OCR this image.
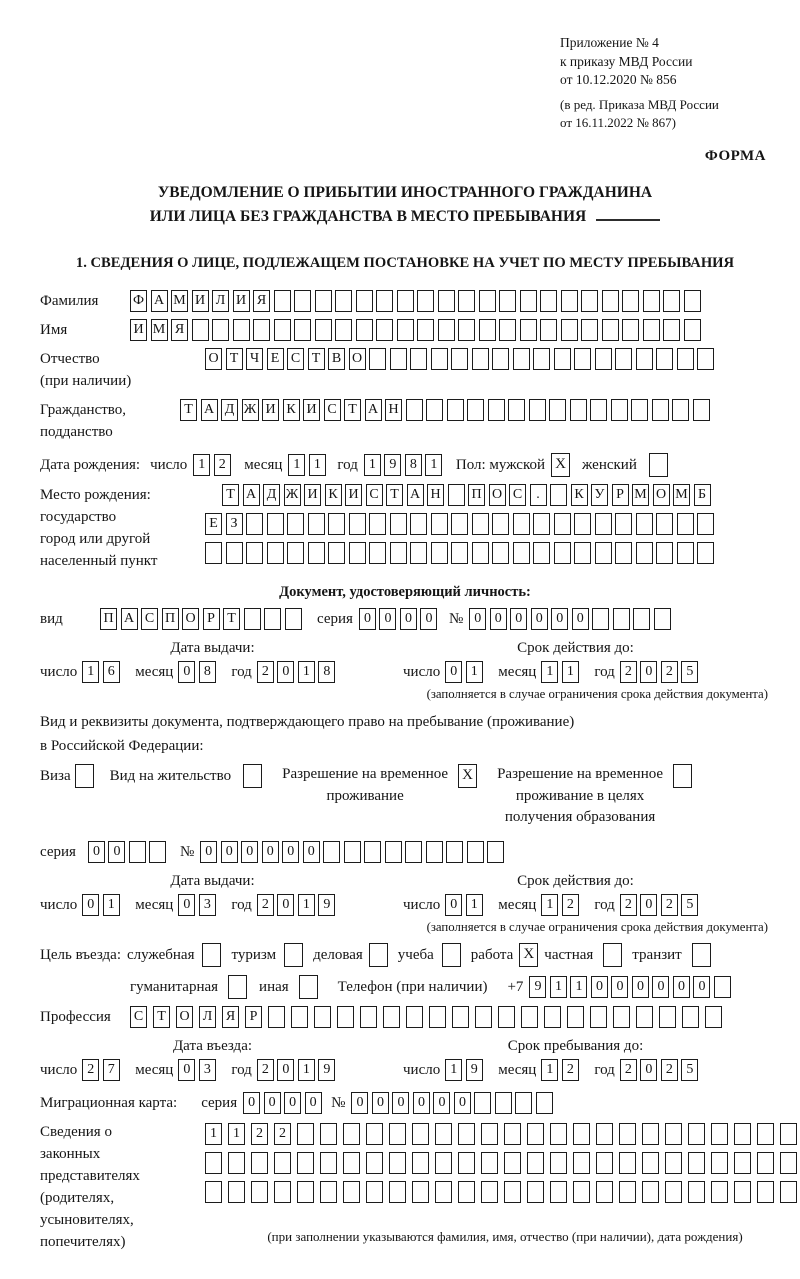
Приложение № 4
к приказу МВД России
от 10.12.2020 № 856
(в ред. Приказа МВД России
от 16.11.2022 № 867)
ФОРМА
УВЕДОМЛЕНИЕ О ПРИБЫТИИ ИНОСТРАННОГО ГРАЖДАНИНА
ИЛИ ЛИЦА БЕЗ ГРАЖДАНСТВА В МЕСТО ПРЕБЫВАНИЯ
1. СВЕДЕНИЯ О ЛИЦЕ, ПОДЛЕЖАЩЕМ ПОСТАНОВКЕ НА УЧЕТ ПО МЕСТУ ПРЕБЫВАНИЯ
Фамилия	Ф А М И Л И Я
Имя	И М Я
Отчество
(при наличии)
О Т Ч Е С Т В О
Гражданство,
подданство
Т А Д Ж И К И С Т А Н
Дата рождения: число 1 2	месяц 1 1	год 1 9 8 1	Пол: мужской X женский
Место рождения:
государство
город или другой
населенный пункт
Т А Д Ж И К И С Т А Н П О С	.	К У Р М О М Б
Е З
Документ, удостоверяющий личность:
вид	П А С П О Р Т	серия 0 0 0 0	№ 0 0 0 0 0 0
Дата выдачи:	Срок действия до:
число 1 6	месяц 0 8	год 2 0 1 8	число 0 1	месяц 1 1	год 2 0 2 5
(заполняется в случае ограничения срока действия документа)
Вид и реквизиты документа, подтверждающего право на пребывание (проживание)
в Российской Федерации:
Виза	Вид на жительство	Разрешение на временное
проживание
X Разрешение на временное
проживание в целях
получения образования
серия	0 0	№ 0 0 0 0 0 0
Дата выдачи:	Срок действия до:
число 0 1	месяц 0 3	год 2 0 1 9	число 0 1	месяц 1 2	год 2 0 2 5
(заполняется в случае ограничения срока действия документа)
Цель въезда: служебная туризм деловая учеба работа X частная	транзит
гуманитарная	иная	Телефон (при наличии) +7 9 1 1 0 0 0 0 0 0
Профессия	С	Т О Л Я	Р
Дата въезда:	Срок пребывания до:
число 2 7	месяц 0 3	год 2 0 1 9	число 1 9	месяц 1 2	год 2 0 2 5
Миграционная карта: серия 0 0 0 0 № 0 0 0 0 0 0
Сведения о
законных
представителях
(родителях,
усыновителях,
попечителях)
1	1	2	2
(при заполнении указываются фамилия, имя, отчество (при наличии), дата рождения)
